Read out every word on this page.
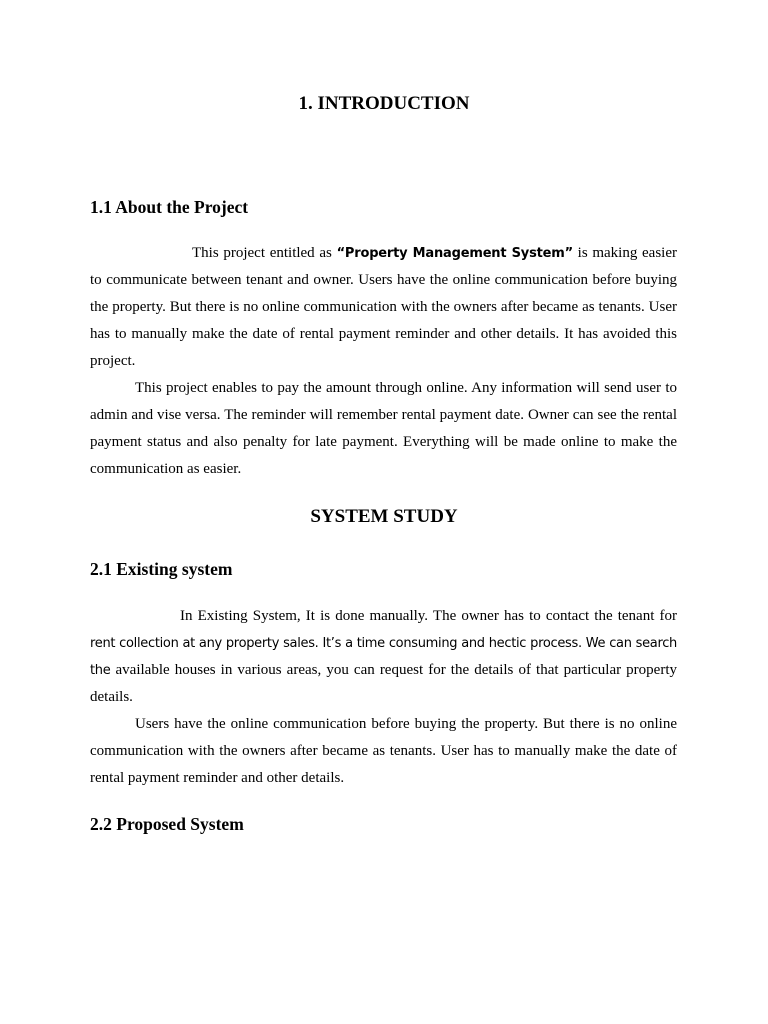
1. INTRODUCTION
1.1 About the Project

This project entitled as “Property Management System” is making easier to communicate between tenant and owner. Users have the online communication before buying the property. But there is no online communication with the owners after became as tenants. User has to manually make the date of rental payment reminder and other details. It has avoided this project.

This project enables to pay the amount through online. Any information will send user to admin and vise versa. The reminder will remember rental payment date. Owner can see the rental payment status and also penalty for late payment. Everything will be made online to make the communication as easier.

SYSTEM STUDY
2.1 Existing system

In Existing System, It is done manually. The owner has to contact the tenant for rent collection at any property sales. It’s a time consuming and hectic process. We can search the available houses in various areas, you can request for the details of that particular property details.

Users have the online communication before buying the property. But there is no online communication with the owners after became as tenants. User has to manually make the date of rental payment reminder and other details.

2.2 Proposed System
